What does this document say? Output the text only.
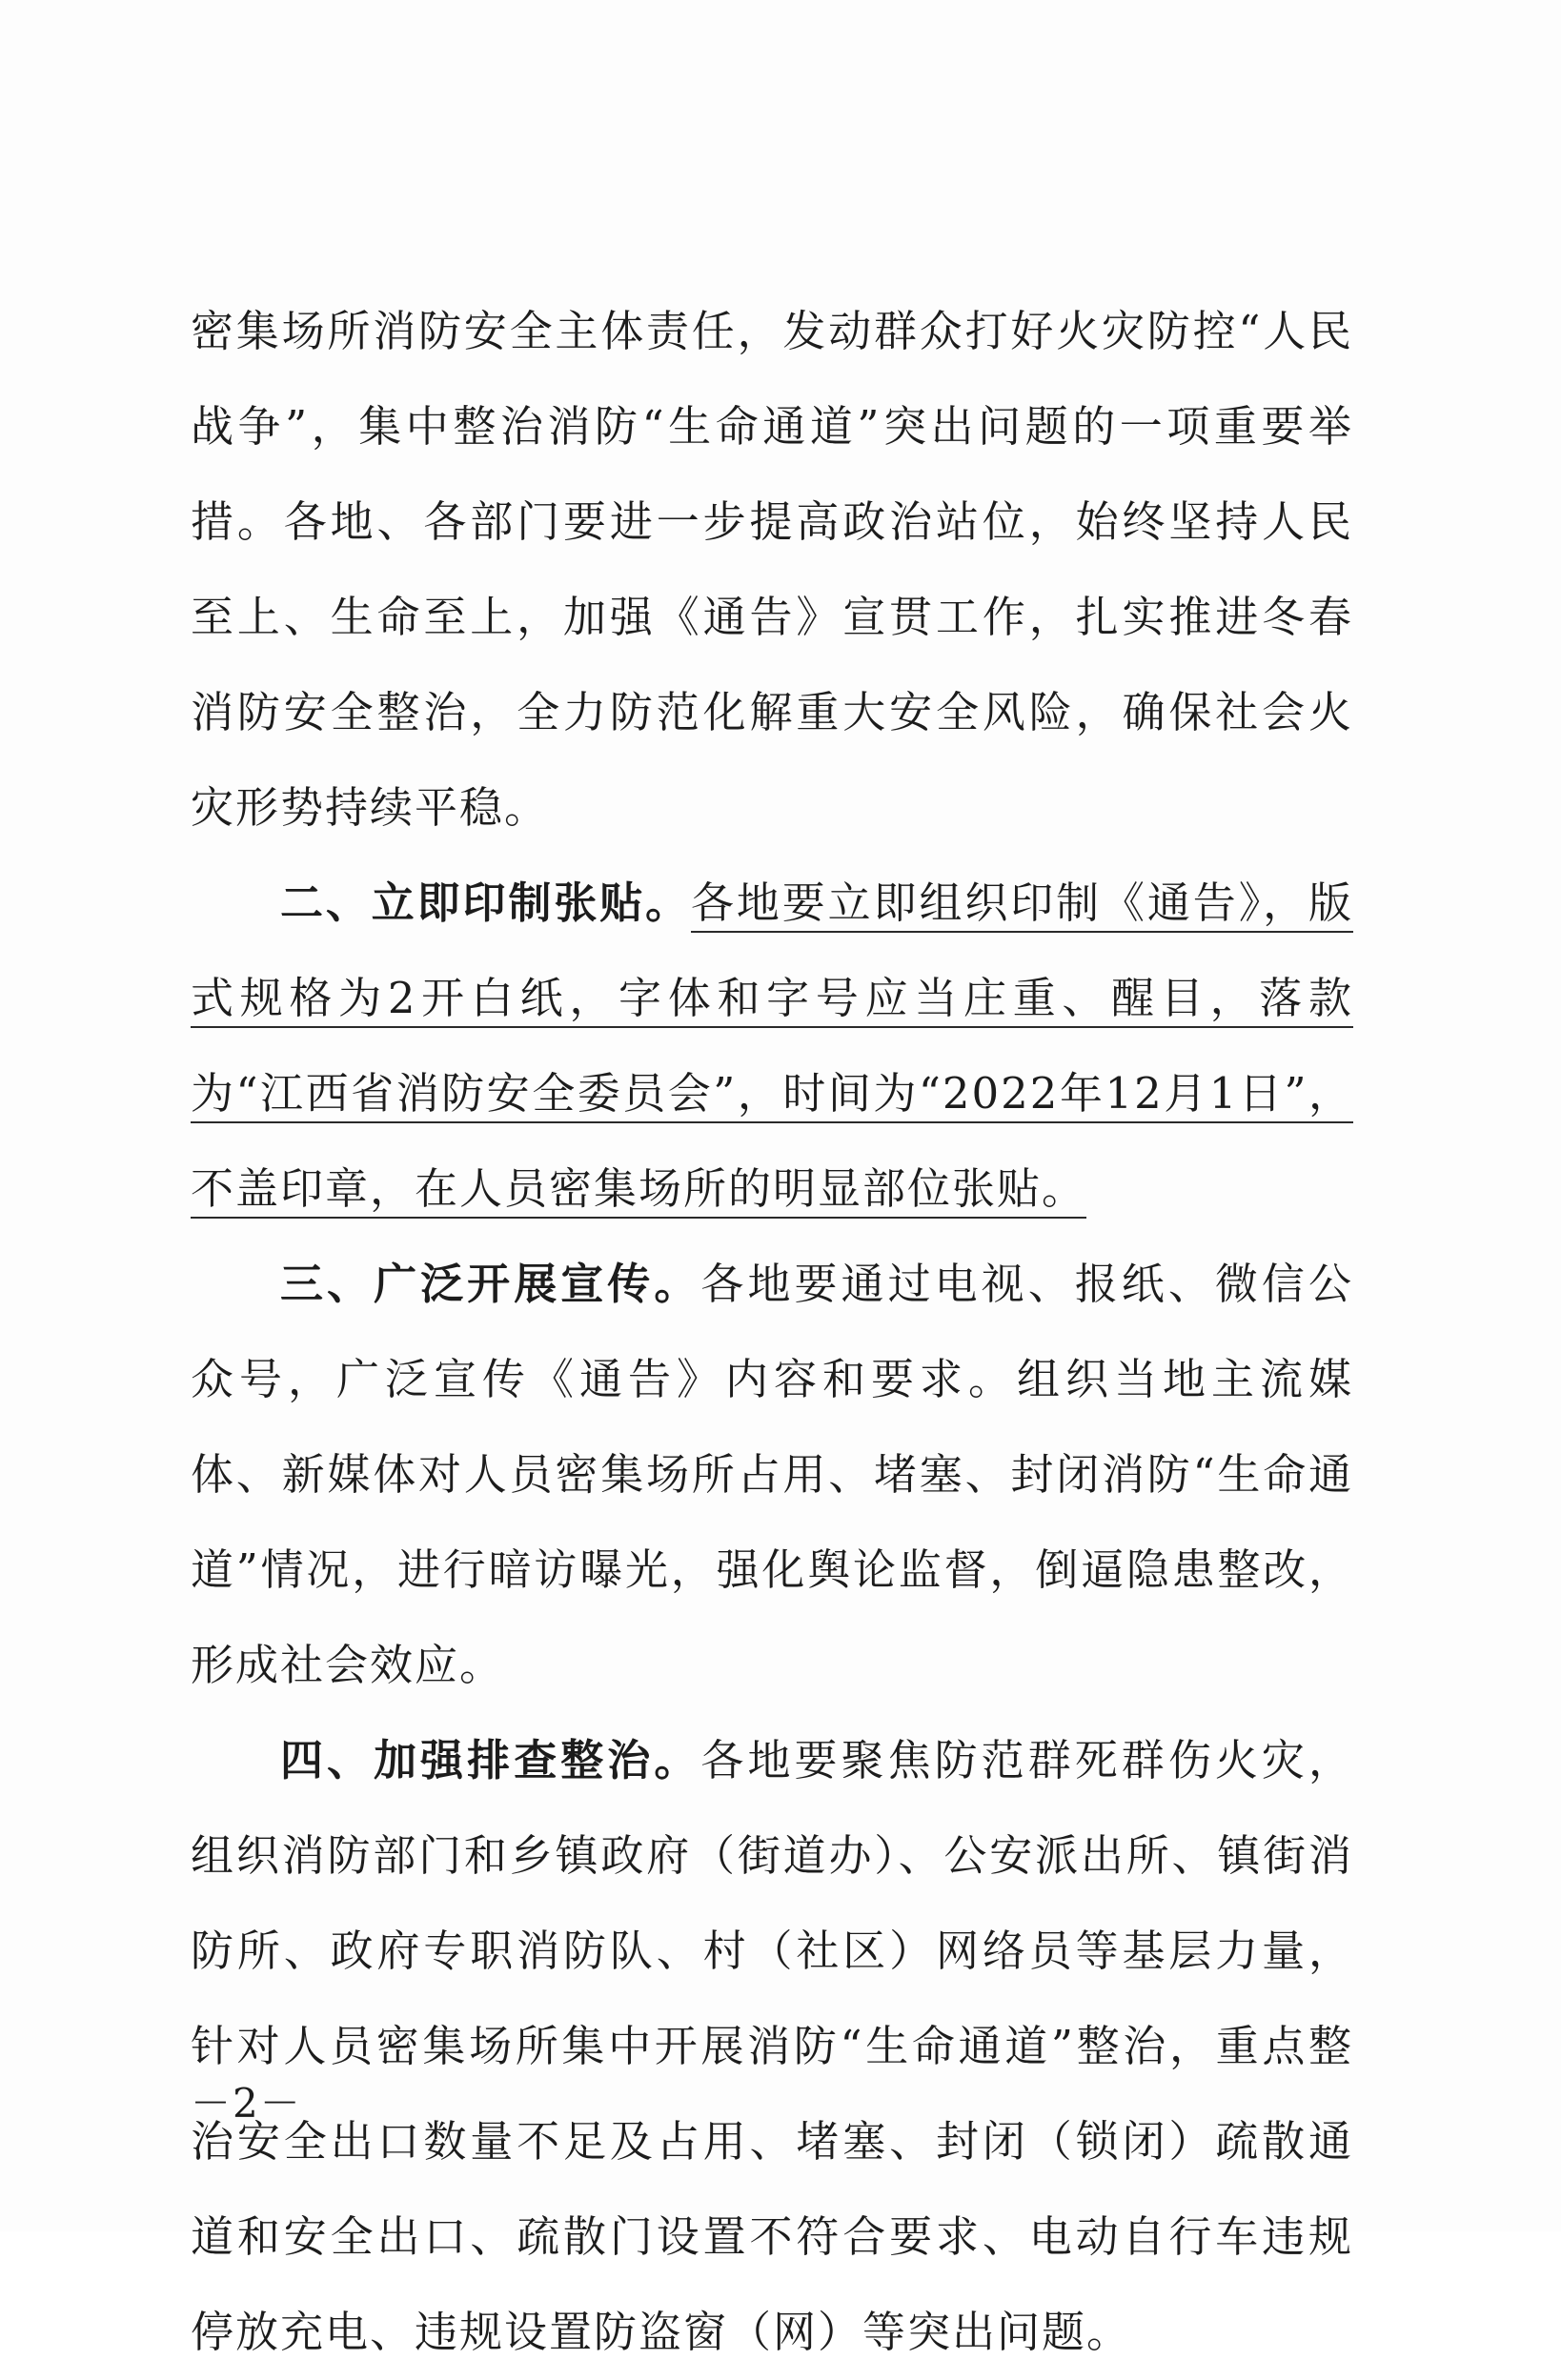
密集场所消防安全主体责任，发动群众打好火灾防控“人民战争”，集中整治消防“生命通道”突出问题的一项重要举措。各地、各部门要进一步提高政治站位，始终坚持人民至上、生命至上，加强《通告》宣贯工作，扎实推进冬春消防安全整治，全力防范化解重大安全风险，确保社会火灾形势持续平稳。

二、立即印制张贴。各地要立即组织印制《通告》，版式规格为2开白纸，字体和字号应当庄重、醒目，落款为“江西省消防安全委员会”，时间为“2022年12月1日”，不盖印章，在人员密集场所的明显部位张贴。

三、广泛开展宣传。各地要通过电视、报纸、微信公众号，广泛宣传《通告》内容和要求。组织当地主流媒体、新媒体对人员密集场所占用、堵塞、封闭消防“生命通道”情况，进行暗访曝光，强化舆论监督，倒逼隐患整改，形成社会效应。

四、加强排查整治。各地要聚焦防范群死群伤火灾，组织消防部门和乡镇政府（街道办）、公安派出所、镇街消防所、政府专职消防队、村（社区）网络员等基层力量，针对人员密集场所集中开展消防“生命通道”整治，重点整治安全出口数量不足及占用、堵塞、封闭（锁闭）疏散通道和安全出口、疏散门设置不符合要求、电动自行车违规停放充电、违规设置防盗窗（网）等突出问题。

－2－
